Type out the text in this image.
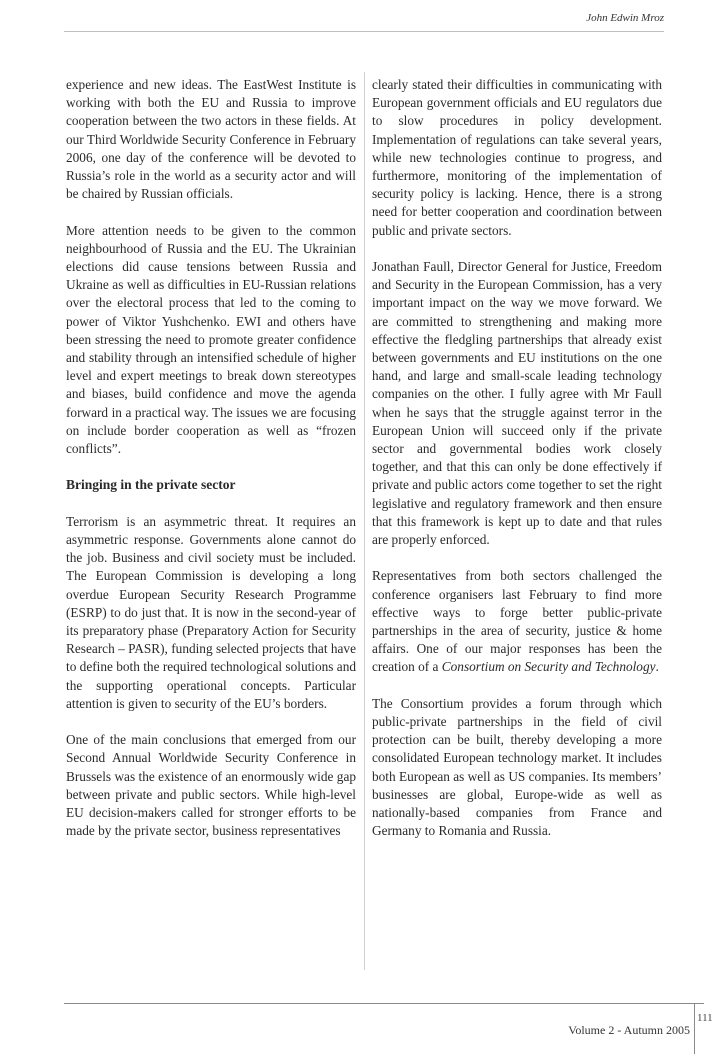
John Edwin Mroz

experience and new ideas. The EastWest Institute is working with both the EU and Russia to improve cooperation between the two actors in these fields. At our Third Worldwide Security Conference in February 2006, one day of the conference will be devoted to Russia’s role in the world as a security actor and will be chaired by Russian officials.

More attention needs to be given to the common neighbourhood of Russia and the EU. The Ukrainian elections did cause tensions between Russia and Ukraine as well as difficulties in EU-Russian relations over the electoral process that led to the coming to power of Viktor Yushchenko. EWI and others have been stressing the need to promote greater confidence and stability through an intensified schedule of higher level and expert meetings to break down stereotypes and biases, build confidence and move the agenda forward in a practical way. The issues we are focusing on include border cooperation as well as “frozen conflicts”.

Bringing in the private sector

Terrorism is an asymmetric threat. It requires an asymmetric response. Governments alone cannot do the job. Business and civil society must be included. The European Commission is developing a long overdue European Security Research Programme (ESRP) to do just that. It is now in the second-year of its preparatory phase (Preparatory Action for Security Research – PASR), funding selected projects that have to define both the required technological solutions and the supporting operational concepts. Particular attention is given to security of the EU’s borders.

One of the main conclusions that emerged from our Second Annual Worldwide Security Conference in Brussels was the existence of an enormously wide gap between private and public sectors. While high-level EU decision-makers called for stronger efforts to be made by the private sector, business representatives

clearly stated their difficulties in communicating with European government officials and EU regulators due to slow procedures in policy development. Implementation of regulations can take several years, while new technologies continue to progress, and furthermore, monitoring of the implementation of security policy is lacking. Hence, there is a strong need for better cooperation and coordination between public and private sectors.

Jonathan Faull, Director General for Justice, Freedom and Security in the European Commission, has a very important impact on the way we move forward. We are committed to strengthening and making more effective the fledgling partnerships that already exist between governments and EU institutions on the one hand, and large and small-scale leading technology companies on the other. I fully agree with Mr Faull when he says that the struggle against terror in the European Union will succeed only if the private sector and governmental bodies work closely together, and that this can only be done effectively if private and public actors come together to set the right legislative and regulatory framework and then ensure that this framework is kept up to date and that rules are properly enforced.

Representatives from both sectors challenged the conference organisers last February to find more effective ways to forge better public-private partnerships in the area of security, justice & home affairs. One of our major responses has been the creation of a Consortium on Security and Technology.

The Consortium provides a forum through which public-private partnerships in the field of civil protection can be built, thereby developing a more consolidated European technology market. It includes both European as well as US companies. Its members’ businesses are global, Europe-wide as well as nationally-based companies from France and Germany to Romania and Russia.

111
Volume 2 - Autumn 2005
